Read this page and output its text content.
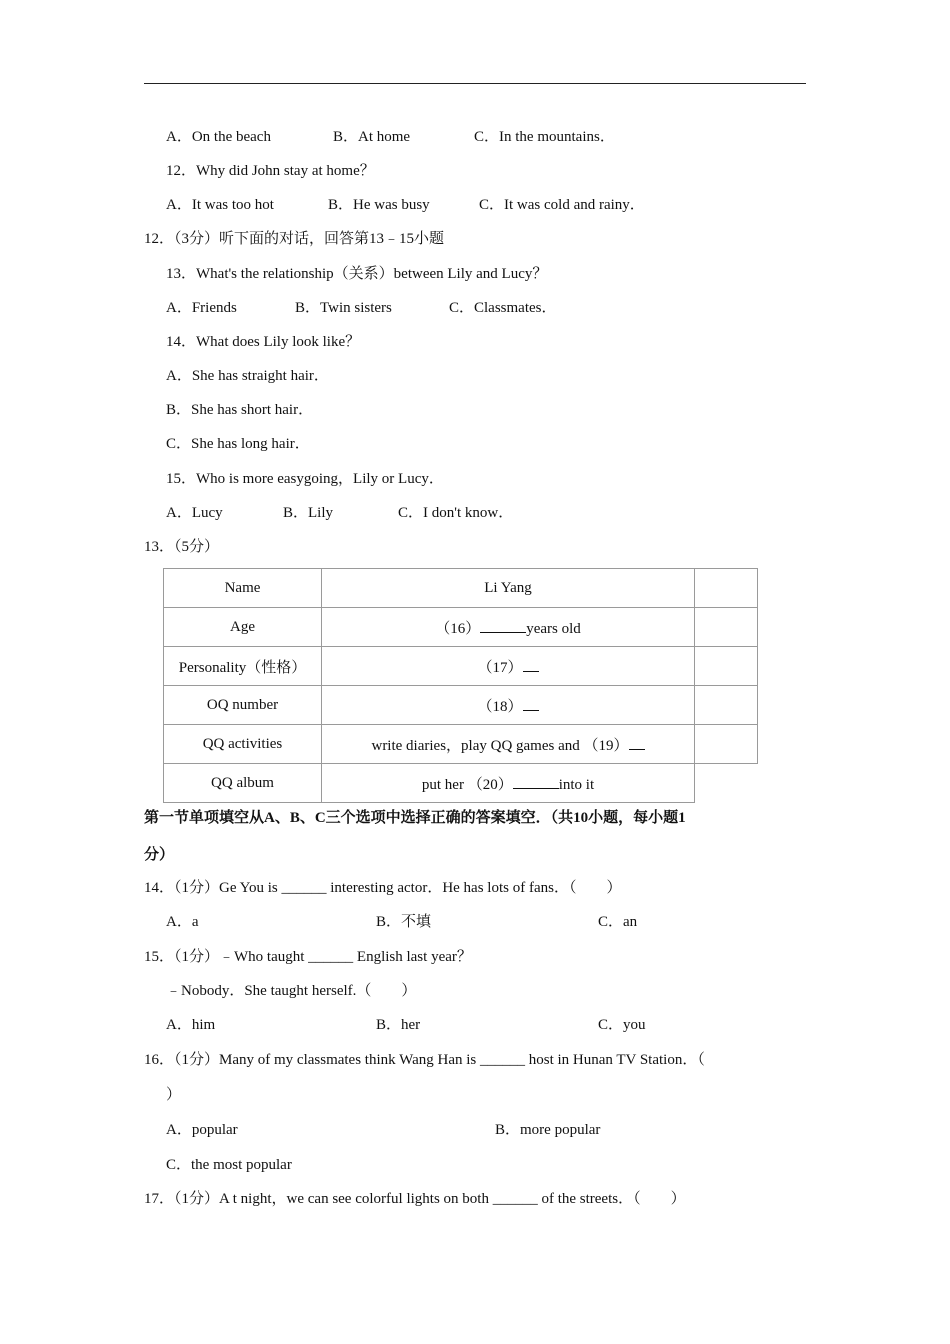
A．On the beach	B．At home	C．In the mountains．
12．Why did John stay at home？
A．It was too hot	B．He was busy	C．It was cold and rainy．
12．（3分）听下面的对话，回答第13﹣15小题
13．What's the relationship（关系）between Lily and Lucy？
A．Friends	B．Twin sisters	C．Classmates．
14．What does Lily look like？
A．She has straight hair．
B．She has short hair．
C．She has long hair．
15．Who is more easygoing，Lily or Lucy．
A．Lucy	B．Lily	C．I don't know．
13．（5分）
Name	Li Yang	
Age	（16） years old	
Personality（性格）	（17）	
OQ number	（18）	
QQ activities	write diaries，play QQ games and （19）	
QQ album	put her （20） into it	
第一节单项填空从A、B、C三个选项中选择正确的答案填空．（共10小题，每小题1
分）
14．（1分）Ge You is ______ interesting actor．He has lots of fans．（　　）
A．a	B．不填	C．an
15．（1分）﹣Who taught ______ English last year？
﹣Nobody．She taught herself.（　　）
A．him	B．her	C．you
16．（1分）Many of my classmates think Wang Han is ______ host in Hunan TV Station．（
）
A．popular	B．more popular
C．the most popular
17．（1分）A t night，we can see colorful lights on both ______ of the streets．（　　）
